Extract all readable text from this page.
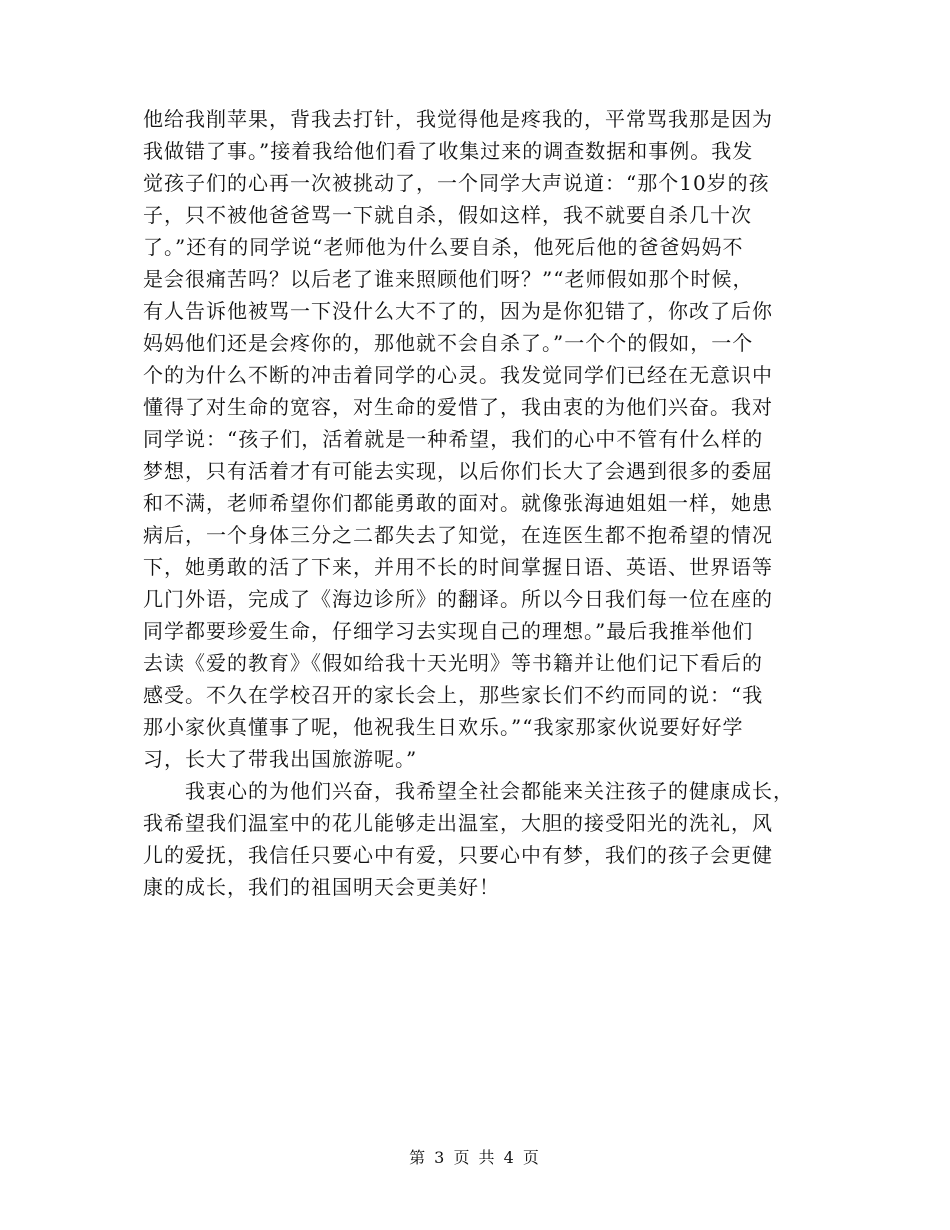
他给我削苹果，背我去打针，我觉得他是疼我的，平常骂我那是因为
我做错了事。”接着我给他们看了收集过来的调查数据和事例。我发
觉孩子们的心再一次被挑动了，一个同学大声说道：“那个10岁的孩
子，只不被他爸爸骂一下就自杀，假如这样，我不就要自杀几十次
了。”还有的同学说“老师他为什么要自杀，他死后他的爸爸妈妈不
是会很痛苦吗？以后老了谁来照顾他们呀？”“老师假如那个时候，
有人告诉他被骂一下没什么大不了的，因为是你犯错了，你改了后你
妈妈他们还是会疼你的，那他就不会自杀了。”一个个的假如，一个
个的为什么不断的冲击着同学的心灵。我发觉同学们已经在无意识中
懂得了对生命的宽容，对生命的爱惜了，我由衷的为他们兴奋。我对
同学说：“孩子们，活着就是一种希望，我们的心中不管有什么样的
梦想，只有活着才有可能去实现，以后你们长大了会遇到很多的委屈
和不满，老师希望你们都能勇敢的面对。就像张海迪姐姐一样，她患
病后，一个身体三分之二都失去了知觉，在连医生都不抱希望的情况
下，她勇敢的活了下来，并用不长的时间掌握日语、英语、世界语等
几门外语，完成了《海边诊所》的翻译。所以今日我们每一位在座的
同学都要珍爱生命，仔细学习去实现自己的理想。”最后我推举他们
去读《爱的教育》《假如给我十天光明》等书籍并让他们记下看后的
感受。不久在学校召开的家长会上，那些家长们不约而同的说：“我
那小家伙真懂事了呢，他祝我生日欢乐。”“我家那家伙说要好好学
习，长大了带我出国旅游呢。”
我衷心的为他们兴奋，我希望全社会都能来关注孩子的健康成长，
我希望我们温室中的花儿能够走出温室，大胆的接受阳光的洗礼，风
儿的爱抚，我信任只要心中有爱，只要心中有梦，我们的孩子会更健
康的成长，我们的祖国明天会更美好！
第 3 页 共 4 页
